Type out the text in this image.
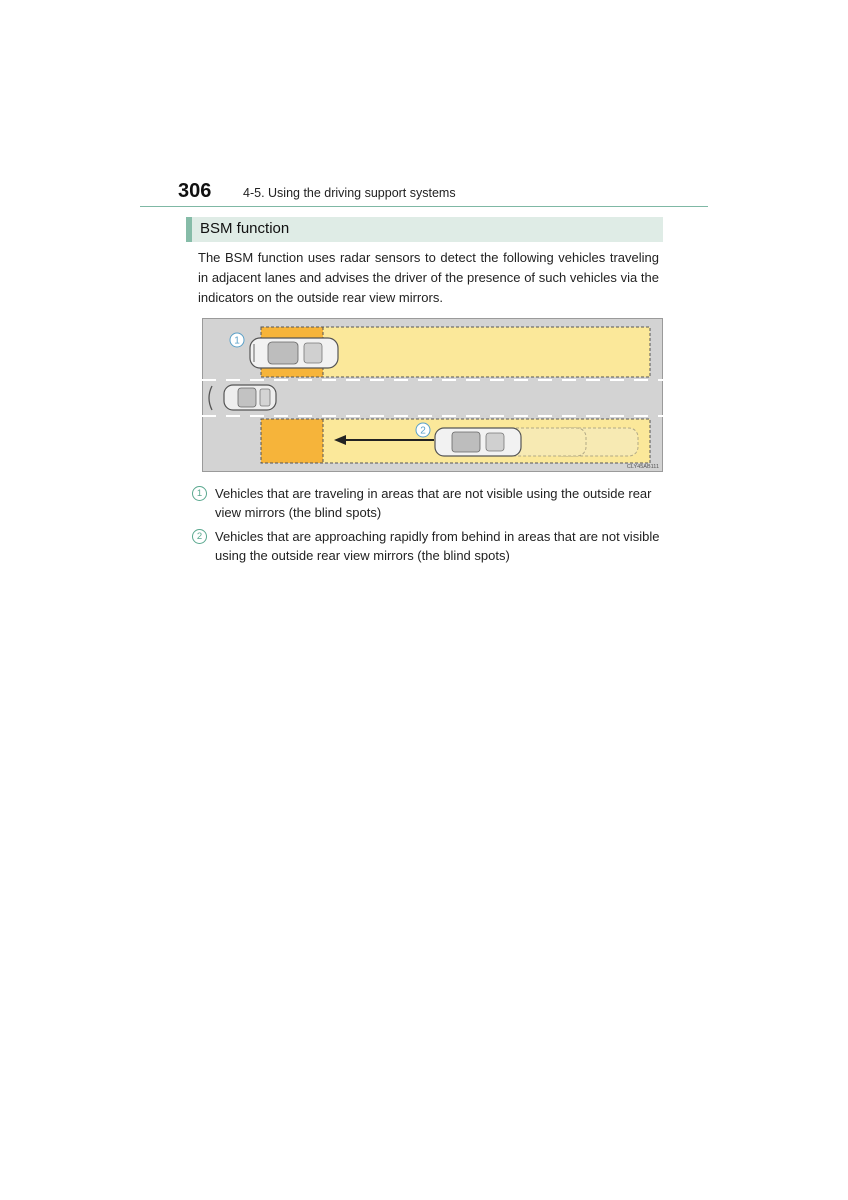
306	4-5. Using the driving support systems
BSM function

The BSM function uses radar sensors to detect the following vehicles traveling in adjacent lanes and advises the driver of the presence of such vehicles via the indicators on the outside rear view mirrors.

1
2
CLY45AB111
1 Vehicles that are traveling in areas that are not visible using the outside rear view mirrors (the blind spots)
2 Vehicles that are approaching rapidly from behind in areas that are not visible using the outside rear view mirrors (the blind spots)
